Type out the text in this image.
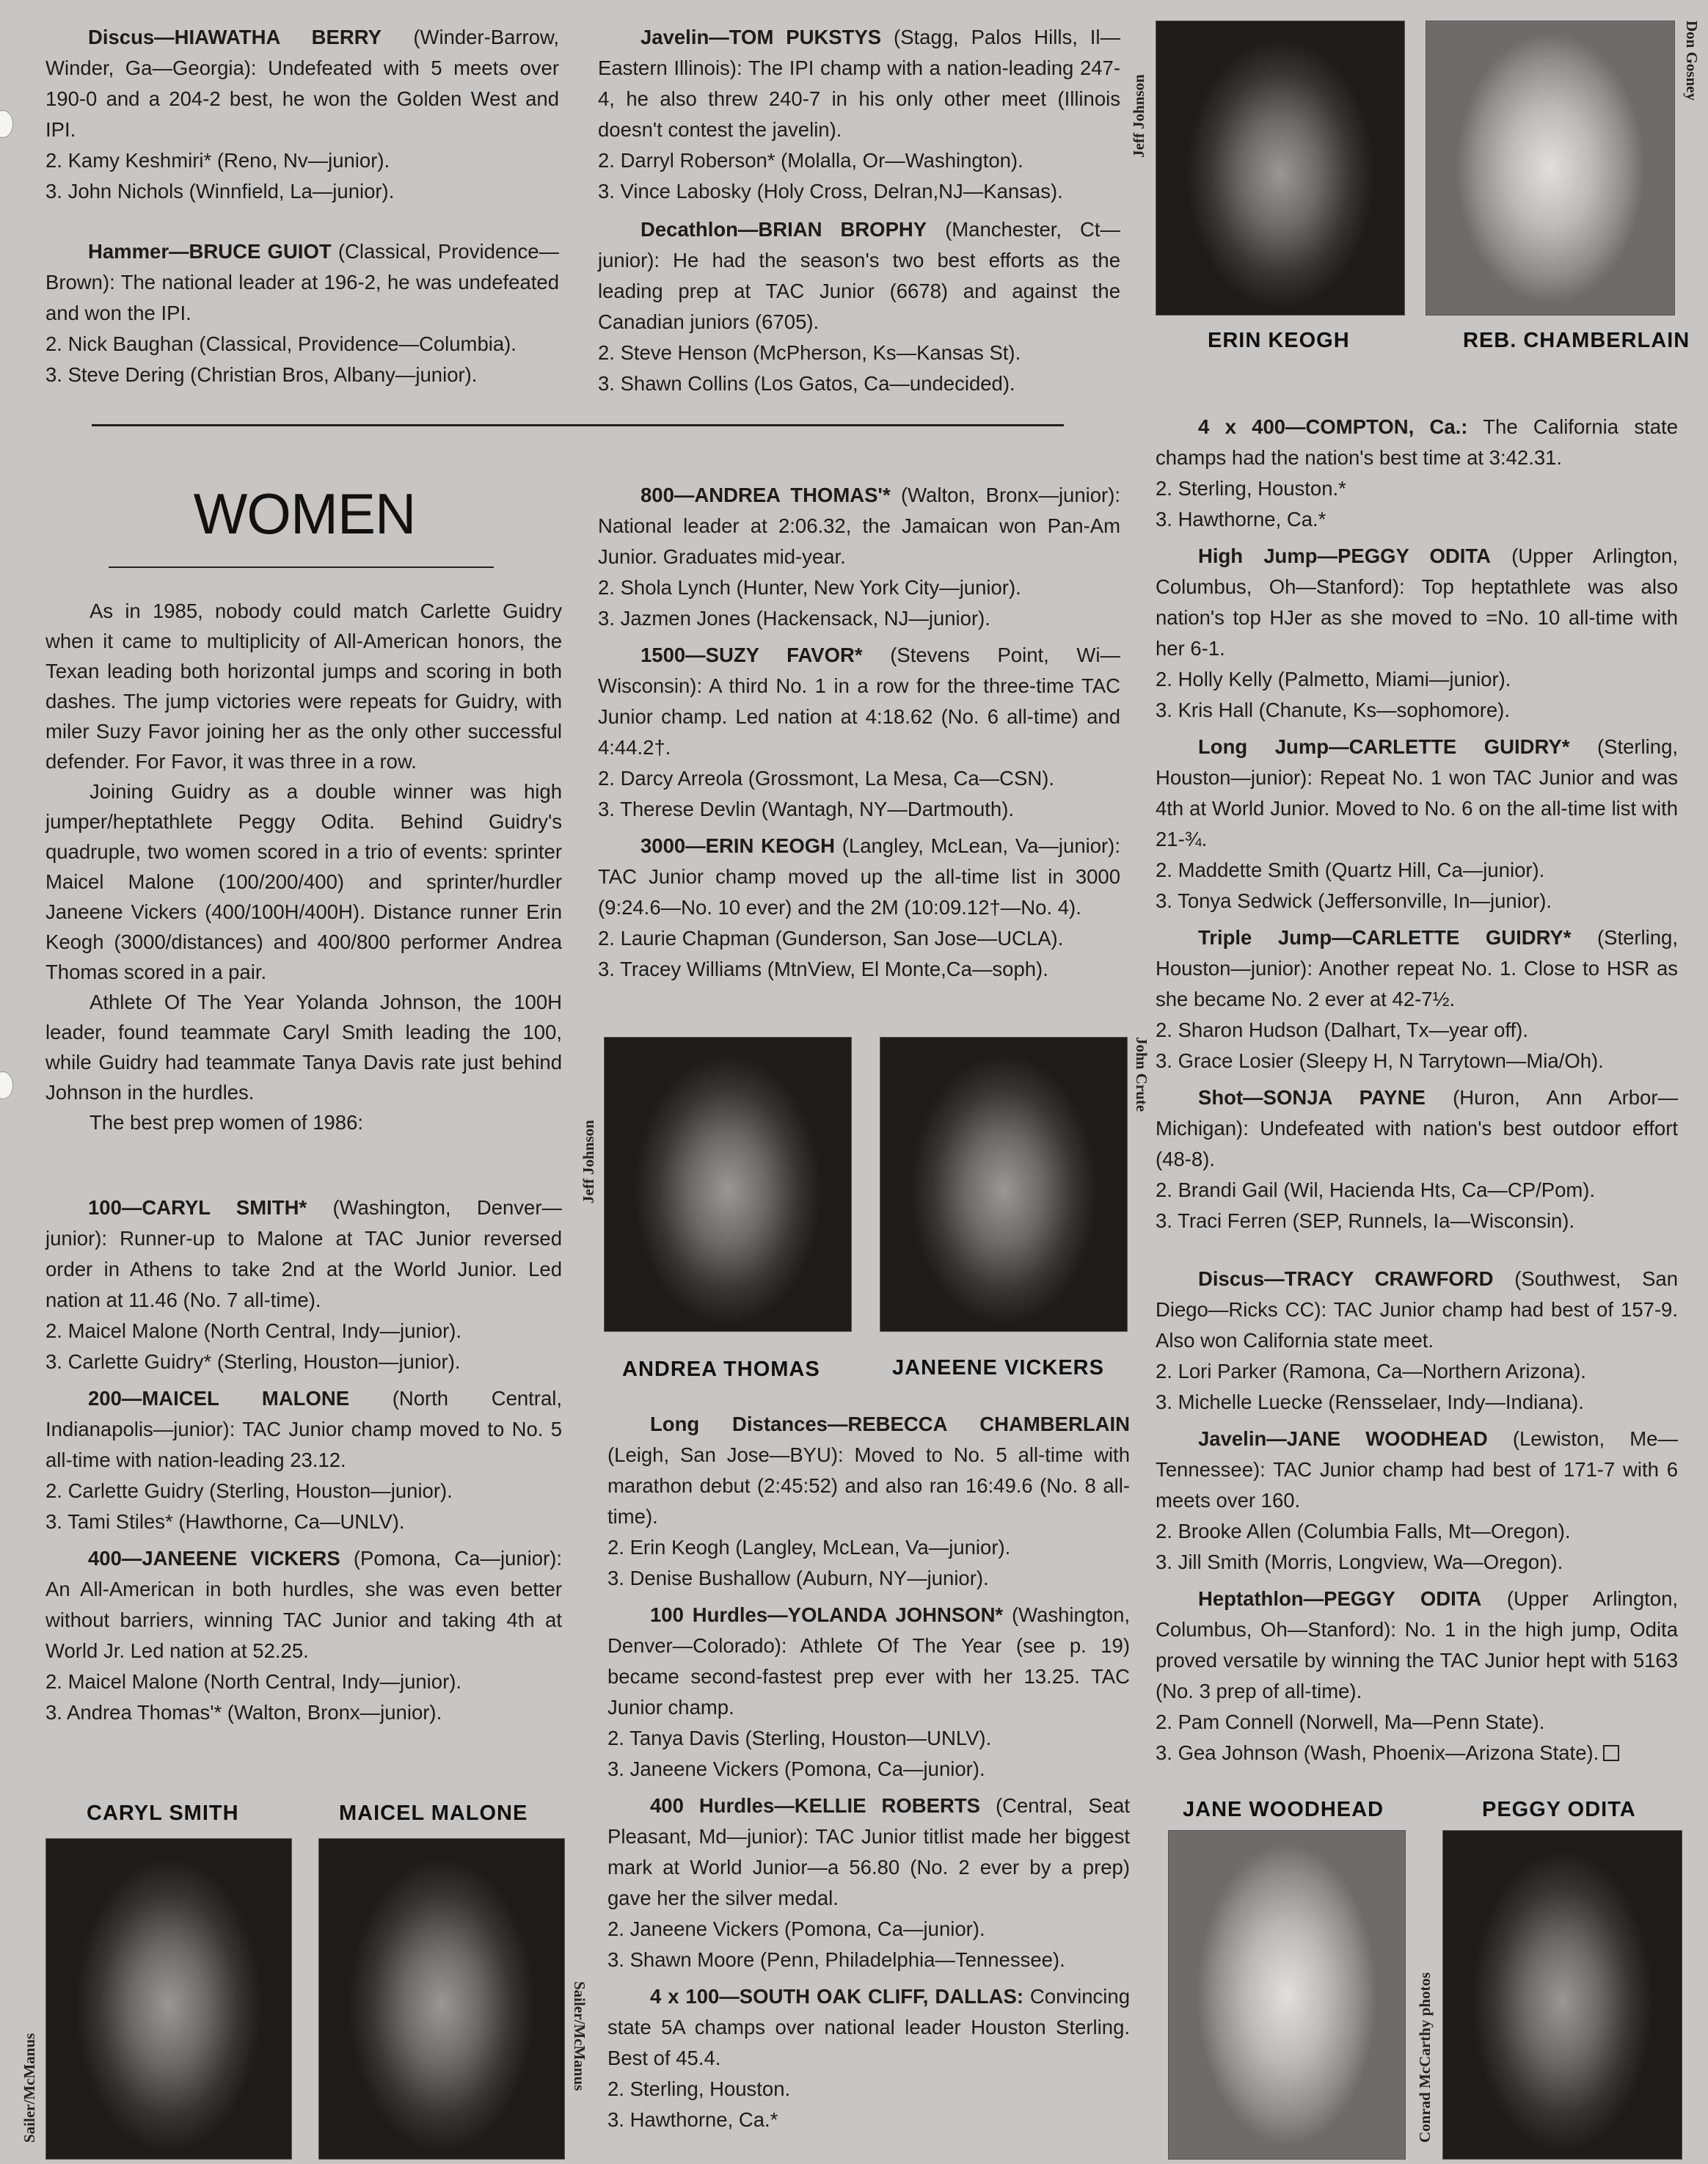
Discus—HIAWATHA BERRY (Winder-Barrow, Winder, Ga—Georgia): Undefeated with 5 meets over 190-0 and a 204-2 best, he won the Golden West and IPI.

2. Kamy Keshmiri* (Reno, Nv—junior).
3. John Nichols (Winnfield, La—junior).

Hammer—BRUCE GUIOT (Classical, Providence—Brown): The national leader at 196-2, he was undefeated and won the IPI.

2. Nick Baughan (Classical, Providence—Columbia).
3. Steve Dering (Christian Bros, Albany—junior).

Javelin—TOM PUKSTYS (Stagg, Palos Hills, Il—Eastern Illinois): The IPI champ with a nation-leading 247-4, he also threw 240-7 in his only other meet (Illinois doesn't contest the javelin).

2. Darryl Roberson* (Molalla, Or—Washington).
3. Vince Labosky (Holy Cross, Delran,NJ—Kansas).

Decathlon—BRIAN BROPHY (Manchester, Ct—junior): He had the season's two best efforts as the leading prep at TAC Junior (6678) and against the Canadian juniors (6705).

2. Steve Henson (McPherson, Ks—Kansas St).
3. Shawn Collins (Los Gatos, Ca—undecided).
WOMEN

As in 1985, nobody could match Carlette Guidry when it came to multiplicity of All-American honors, the Texan leading both horizontal jumps and scoring in both dashes. The jump victories were repeats for Guidry, with miler Suzy Favor joining her as the only other successful defender. For Favor, it was three in a row.

Joining Guidry as a double winner was high jumper/heptathlete Peggy Odita. Behind Guidry's quadruple, two women scored in a trio of events: sprinter Maicel Malone (100/200/400) and sprinter/hurdler Janeene Vickers (400/100H/400H). Distance runner Erin Keogh (3000/distances) and 400/800 performer Andrea Thomas scored in a pair.

Athlete Of The Year Yolanda Johnson, the 100H leader, found teammate Caryl Smith leading the 100, while Guidry had teammate Tanya Davis rate just behind Johnson in the hurdles.

The best prep women of 1986:

100—CARYL SMITH* (Washington, Denver—junior): Runner-up to Malone at TAC Junior reversed order in Athens to take 2nd at the World Junior. Led nation at 11.46 (No. 7 all-time).

2. Maicel Malone (North Central, Indy—junior).
3. Carlette Guidry* (Sterling, Houston—junior).

200—MAICEL MALONE (North Central, Indianapolis—junior): TAC Junior champ moved to No. 5 all-time with nation-leading 23.12.

2. Carlette Guidry (Sterling, Houston—junior).
3. Tami Stiles* (Hawthorne, Ca—UNLV).

400—JANEENE VICKERS (Pomona, Ca—junior): An All-American in both hurdles, she was even better without barriers, winning TAC Junior and taking 4th at World Jr. Led nation at 52.25.

2. Maicel Malone (North Central, Indy—junior).
3. Andrea Thomas'* (Walton, Bronx—junior).

800—ANDREA THOMAS'* (Walton, Bronx—junior): National leader at 2:06.32, the Jamaican won Pan-Am Junior. Graduates mid-year.

2. Shola Lynch (Hunter, New York City—junior).
3. Jazmen Jones (Hackensack, NJ—junior).

1500—SUZY FAVOR* (Stevens Point, Wi—Wisconsin): A third No. 1 in a row for the three-time TAC Junior champ. Led nation at 4:18.62 (No. 6 all-time) and 4:44.2†.

2. Darcy Arreola (Grossmont, La Mesa, Ca—CSN).
3. Therese Devlin (Wantagh, NY—Dartmouth).

3000—ERIN KEOGH (Langley, McLean, Va—junior): TAC Junior champ moved up the all-time list in 3000 (9:24.6—No. 10 ever) and the 2M (10:09.12†—No. 4).

2. Laurie Chapman (Gunderson, San Jose—UCLA).
3. Tracey Williams (MtnView, El Monte,Ca—soph).

Long Distances—REBECCA CHAMBERLAIN (Leigh, San Jose—BYU): Moved to No. 5 all-time with marathon debut (2:45:52) and also ran 16:49.6 (No. 8 all-time).

2. Erin Keogh (Langley, McLean, Va—junior).
3. Denise Bushallow (Auburn, NY—junior).

100 Hurdles—YOLANDA JOHNSON* (Washington, Denver—Colorado): Athlete Of The Year (see p. 19) became second-fastest prep ever with her 13.25. TAC Junior champ.

2. Tanya Davis (Sterling, Houston—UNLV).
3. Janeene Vickers (Pomona, Ca—junior).

400 Hurdles—KELLIE ROBERTS (Central, Seat Pleasant, Md—junior): TAC Junior titlist made her biggest mark at World Junior—a 56.80 (No. 2 ever by a prep) gave her the silver medal.

2. Janeene Vickers (Pomona, Ca—junior).
3. Shawn Moore (Penn, Philadelphia—Tennessee).

4 x 100—SOUTH OAK CLIFF, DALLAS: Convincing state 5A champs over national leader Houston Sterling. Best of 45.4.

2. Sterling, Houston.
3. Hawthorne, Ca.*

4 x 400—COMPTON, Ca.: The California state champs had the nation's best time at 3:42.31.

2. Sterling, Houston.*
3. Hawthorne, Ca.*

High Jump—PEGGY ODITA (Upper Arlington, Columbus, Oh—Stanford): Top heptathlete was also nation's top HJer as she moved to =No. 10 all-time with her 6-1.

2. Holly Kelly (Palmetto, Miami—junior).
3. Kris Hall (Chanute, Ks—sophomore).

Long Jump—CARLETTE GUIDRY* (Sterling, Houston—junior): Repeat No. 1 won TAC Junior and was 4th at World Junior. Moved to No. 6 on the all-time list with 21-¾.

2. Maddette Smith (Quartz Hill, Ca—junior).
3. Tonya Sedwick (Jeffersonville, In—junior).

Triple Jump—CARLETTE GUIDRY* (Sterling, Houston—junior): Another repeat No. 1. Close to HSR as she became No. 2 ever at 42-7½.

2. Sharon Hudson (Dalhart, Tx—year off).
3. Grace Losier (Sleepy H, N Tarrytown—Mia/Oh).

Shot—SONJA PAYNE (Huron, Ann Arbor—Michigan): Undefeated with nation's best outdoor effort (48-8).

2. Brandi Gail (Wil, Hacienda Hts, Ca—CP/Pom).
3. Traci Ferren (SEP, Runnels, Ia—Wisconsin).

Discus—TRACY CRAWFORD (Southwest, San Diego—Ricks CC): TAC Junior champ had best of 157-9. Also won California state meet.

2. Lori Parker (Ramona, Ca—Northern Arizona).
3. Michelle Luecke (Rensselaer, Indy—Indiana).

Javelin—JANE WOODHEAD (Lewiston, Me—Tennessee): TAC Junior champ had best of 171-7 with 6 meets over 160.

2. Brooke Allen (Columbia Falls, Mt—Oregon).
3. Jill Smith (Morris, Longview, Wa—Oregon).

Heptathlon—PEGGY ODITA (Upper Arlington, Columbus, Oh—Stanford): No. 1 in the high jump, Odita proved versatile by winning the TAC Junior hept with 5163 (No. 3 prep of all-time).

2. Pam Connell (Norwell, Ma—Penn State).
3. Gea Johnson (Wash, Phoenix—Arizona State).
ERIN KEOGH	REB. CHAMBERLAIN
Jeff Johnson
Don Gosney
ANDREA THOMAS	JANEENE VICKERS
Jeff Johnson
John Crute
CARYL SMITH	MAICEL MALONE
Sailer/McManus	Sailer/McManus
JANE WOODHEAD	PEGGY ODITA
Conrad McCarthy photos
